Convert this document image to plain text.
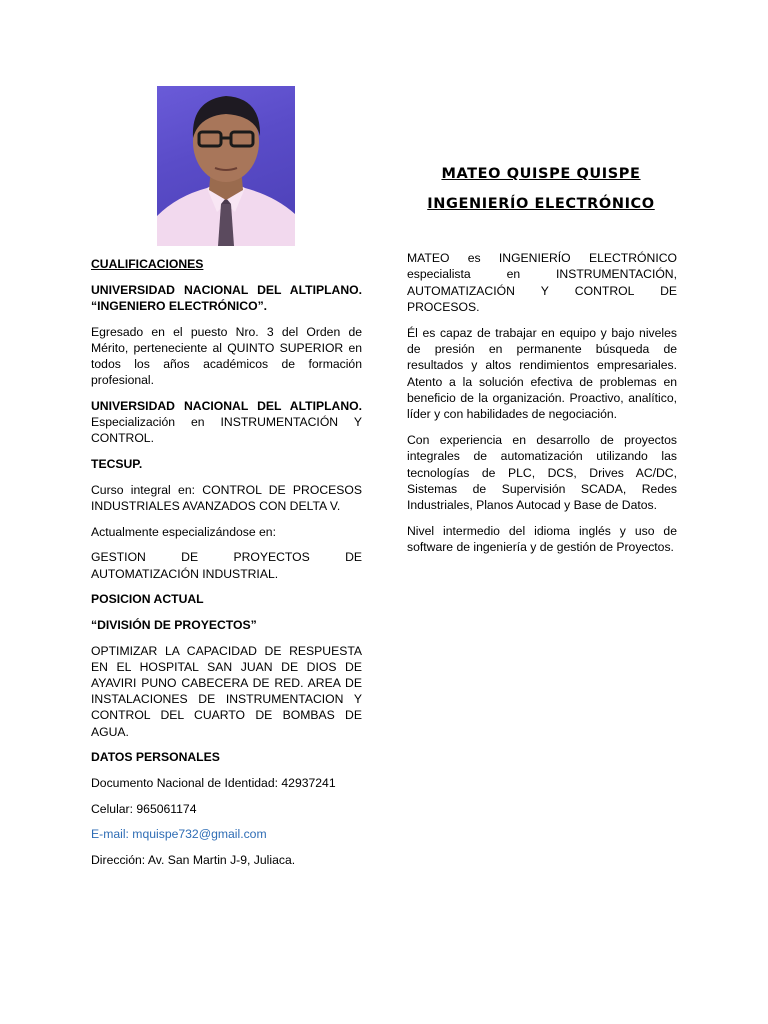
MATEO QUISPE QUISPE
INGENIERÍO ELECTRÓNICO

CUALIFICACIONES

UNIVERSIDAD NACIONAL DEL ALTIPLANO. “INGENIERO ELECTRÓNICO”.

Egresado en el puesto Nro. 3 del Orden de Mérito, perteneciente al QUINTO SUPERIOR en todos los años académicos de formación profesional.

UNIVERSIDAD NACIONAL DEL ALTIPLANO. Especialización en INSTRUMENTACIÓN Y CONTROL.

TECSUP.

Curso integral en: CONTROL DE PROCESOS INDUSTRIALES AVANZADOS CON DELTA V.

Actualmente especializándose en:

GESTION DE PROYECTOS DE AUTOMATIZACIÓN INDUSTRIAL.

POSICION ACTUAL

“DIVISIÓN DE PROYECTOS”

OPTIMIZAR LA CAPACIDAD DE RESPUESTA EN EL HOSPITAL SAN JUAN DE DIOS DE AYAVIRI PUNO CABECERA DE RED. AREA DE INSTALACIONES DE INSTRUMENTACION Y CONTROL DEL CUARTO DE BOMBAS DE AGUA.

DATOS PERSONALES

Documento Nacional de Identidad: 42937241

Celular: 965061174

E-mail: mquispe732@gmail.com

Dirección: Av. San Martin J-9, Juliaca.

MATEO es INGENIERÍO ELECTRÓNICO especialista en INSTRUMENTACIÓN, AUTOMATIZACIÓN Y CONTROL DE PROCESOS.

Él es capaz de trabajar en equipo y bajo niveles de presión en permanente búsqueda de resultados y altos rendimientos empresariales. Atento a la solución efectiva de problemas en beneficio de la organización. Proactivo, analítico, líder y con habilidades de negociación.

Con experiencia en desarrollo de proyectos integrales de automatización utilizando las tecnologías de PLC, DCS, Drives AC/DC, Sistemas de Supervisión SCADA, Redes Industriales, Planos Autocad y Base de Datos.

Nivel intermedio del idioma inglés y uso de software de ingeniería y de gestión de Proyectos.
